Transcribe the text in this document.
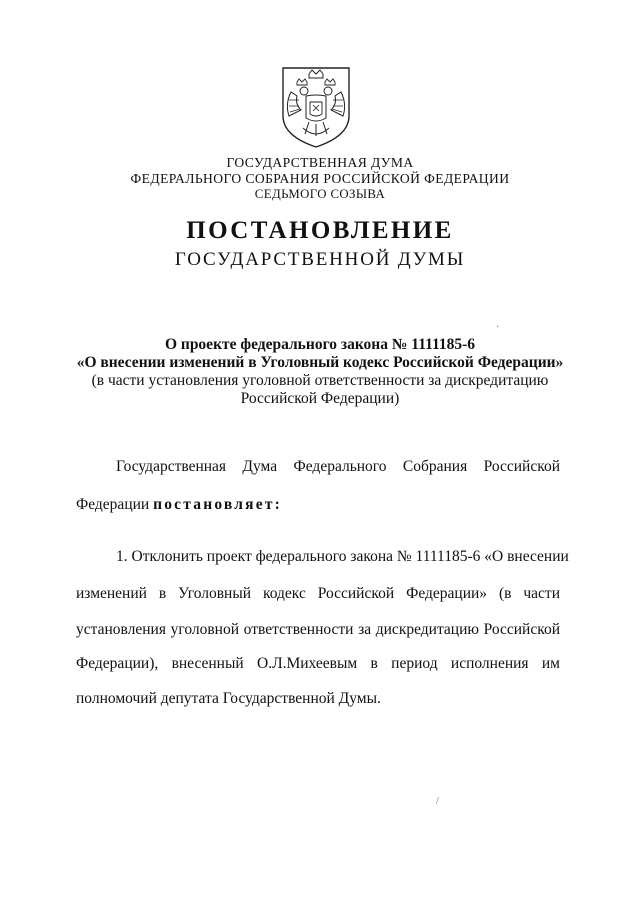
ГОСУДАРСТВЕННАЯ ДУМА
ФЕДЕРАЛЬНОГО СОБРАНИЯ РОССИЙСКОЙ ФЕДЕРАЦИИ
СЕДЬМОГО СОЗЫВА
ПОСТАНОВЛЕНИЕ
ГОСУДАРСТВЕННОЙ ДУМЫ
О проекте федерального закона № 1111185-6
«О внесении изменений в Уголовный кодекс Российской Федерации»
(в части установления уголовной ответственности за дискредитацию
Российской Федерации)
Государственная Дума Федерального Собрания Российской
Федерации постановляет:
1. Отклонить проект федерального закона № 1111185-6 «О внесении
изменений в Уголовный кодекс Российской Федерации» (в части
установления уголовной ответственности за дискредитацию Российской
Федерации), внесенный О.Л.Михеевым в период исполнения им
полномочий депутата Государственной Думы.
·
/
